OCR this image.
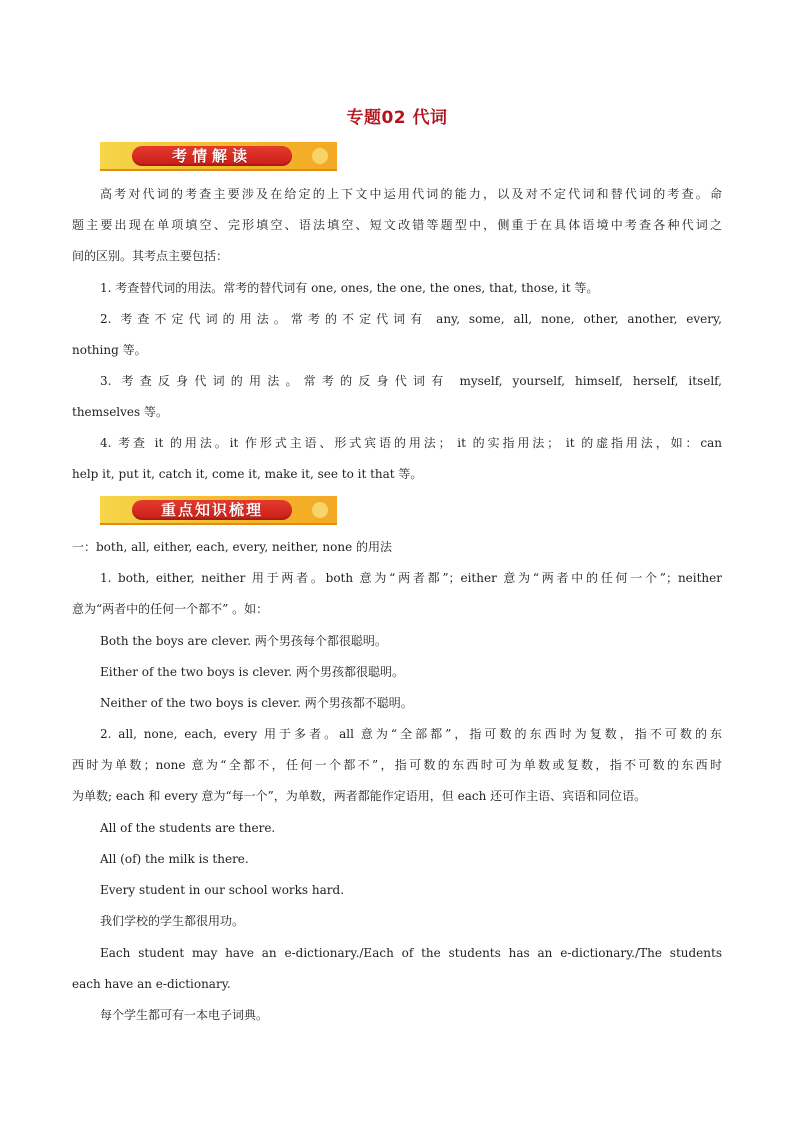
专题02 代词
考情解读
高考对代词的考查主要涉及在给定的上下文中运用代词的能力，以及对不定代词和替代词的考查。命
题主要出现在单项填空、完形填空、语法填空、短文改错等题型中，侧重于在具体语境中考查各种代词之
间的区别。其考点主要包括：
1. 考查替代词的用法。常考的替代词有 one, ones, the one, the ones, that, those, it 等。
2. 考查不定代词的用法。常考的不定代词有 any, some, all, none, other, another, every,
nothing 等。
3. 考查反身代词的用法。常考的反身代词有 myself, yourself, himself, herself, itself,
themselves 等。
4. 考查 it 的用法。it 作形式主语、形式宾语的用法； it 的实指用法； it 的虚指用法，如：can
help it, put it, catch it, come it, make it, see to it that 等。
重点知识梳理
一：both, all, either, each, every, neither, none 的用法
1. both, either, neither 用于两者。both 意为“两者都”；either 意为“两者中的任何一个”；neither
意为“两者中的任何一个都不” 。如：
Both the boys are clever. 两个男孩每个都很聪明。
Either of the two boys is clever. 两个男孩都很聪明。
Neither of the two boys is clever. 两个男孩都不聪明。
2. all, none, each, every 用于多者。all 意为“全部都”，指可数的东西时为复数，指不可数的东
西时为单数；none 意为“全都不，任何一个都不”，指可数的东西时可为单数或复数，指不可数的东西时
为单数; each 和 every 意为“每一个”，为单数，两者都能作定语用，但 each 还可作主语、宾语和同位语。
All of the students are there.
All (of) the milk is there.
Every student in our school works hard.
我们学校的学生都很用功。
Each student may have an e-dictionary./Each of the students has an e-dictionary./The students
each have an e-dictionary.
每个学生都可有一本电子词典。
